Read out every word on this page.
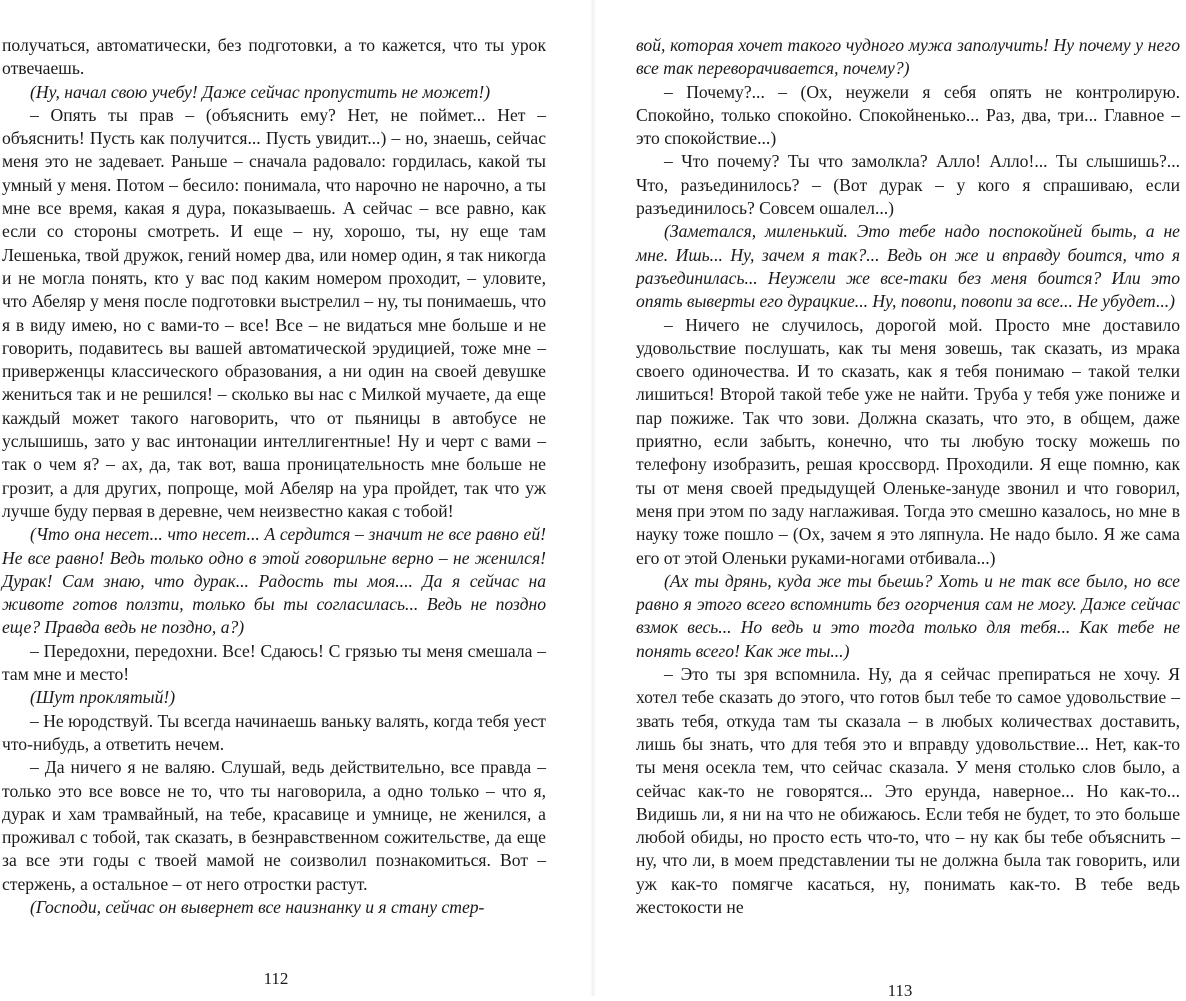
получаться, автоматически, без подготовки, а то кажется, что ты урок отвечаешь.

(Ну, начал свою учебу! Даже сейчас пропустить не может!)

– Опять ты прав – (объяснить ему? Нет, не поймет... Нет – объяснить! Пусть как получится... Пусть увидит...) – но, знаешь, сейчас меня это не задевает. Раньше – сначала радовало: гордилась, какой ты умный у меня. Потом – бесило: понимала, что нарочно не нарочно, а ты мне все время, какая я дура, показываешь. А сейчас – все равно, как если со стороны смотреть. И еще – ну, хорошо, ты, ну еще там Лешенька, твой дружок, гений номер два, или номер один, я так никогда и не могла понять, кто у вас под каким номером проходит, – уловите, что Абеляр у меня после подготовки выстрелил – ну, ты понимаешь, что я в виду имею, но с вами-то – все! Все – не видаться мне больше и не говорить, подавитесь вы вашей автоматической эрудицией, тоже мне – приверженцы классического образования, а ни один на своей девушке жениться так и не решился! – сколько вы нас с Милкой мучаете, да еще каждый может такого наговорить, что от пьяницы в автобусе не услышишь, зато у вас интонации интеллигентные! Ну и черт с вами – так о чем я? – ах, да, так вот, ваша проницательность мне больше не грозит, а для других, попроще, мой Абеляр на ура пройдет, так что уж лучше буду первая в деревне, чем неизвестно какая с тобой!

(Что она несет... что несет... А сердится – значит не все равно ей! Не все равно! Ведь только одно в этой говорильне верно – не женился! Дурак! Сам знаю, что дурак... Радость ты моя.... Да я сейчас на животе готов ползти, только бы ты согласилась... Ведь не поздно еще? Правда ведь не поздно, а?)

– Передохни, передохни. Все! Сдаюсь! С грязью ты меня смешала – там мне и место!

(Шут проклятый!)

– Не юродствуй. Ты всегда начинаешь ваньку валять, когда тебя уест что-нибудь, а ответить нечем.

– Да ничего я не валяю. Слушай, ведь действительно, все правда – только это все вовсе не то, что ты наговорила, а одно только – что я, дурак и хам трамвайный, на тебе, красавице и умнице, не женился, а проживал с тобой, так сказать, в безнравственном сожительстве, да еще за все эти годы с твоей мамой не соизволил познакомиться. Вот – стержень, а остальное – от него отростки растут.

(Господи, сейчас он вывернет все наизнанку и я стану стер-

112

вой, которая хочет такого чудного мужа заполучить! Ну почему у него все так переворачивается, почему?)

– Почему?... – (Ох, неужели я себя опять не контролирую. Спокойно, только спокойно. Спокойненько... Раз, два, три... Главное – это спокойствие...)

– Что почему? Ты что замолкла? Алло! Алло!... Ты слышишь?... Что, разъединилось? – (Вот дурак – у кого я спрашиваю, если разъединилось? Совсем ошалел...)

(Заметался, миленький. Это тебе надо поспокойней быть, а не мне. Ишь... Ну, зачем я так?... Ведь он же и вправду боится, что я разъединилась... Неужели же все-таки без меня боится? Или это опять выверты его дурацкие... Ну, повопи, повопи за все... Не убудет...)

– Ничего не случилось, дорогой мой. Просто мне доставило удовольствие послушать, как ты меня зовешь, так сказать, из мрака своего одиночества. И то сказать, как я тебя понимаю – такой телки лишиться! Второй такой тебе уже не найти. Труба у тебя уже пониже и пар пожиже. Так что зови. Должна сказать, что это, в общем, даже приятно, если забыть, конечно, что ты любую тоску можешь по телефону изобразить, решая кроссворд. Проходили. Я еще помню, как ты от меня своей предыдущей Оленьке-зануде звонил и что говорил, меня при этом по заду наглаживая. Тогда это смешно казалось, но мне в науку тоже пошло – (Ох, зачем я это ляпнула. Не надо было. Я же сама его от этой Оленьки руками-ногами отбивала...)

(Ах ты дрянь, куда же ты бьешь? Хоть и не так все было, но все равно я этого всего вспомнить без огорчения сам не могу. Даже сейчас взмок весь... Но ведь и это тогда только для тебя... Как тебе не понять всего! Как же ты...)

– Это ты зря вспомнила. Ну, да я сейчас препираться не хочу. Я хотел тебе сказать до этого, что готов был тебе то самое удовольствие – звать тебя, откуда там ты сказала – в любых количествах доставить, лишь бы знать, что для тебя это и вправду удовольствие... Нет, как-то ты меня осекла тем, что сейчас сказала. У меня столько слов было, а сейчас как-то не говорятся... Это ерунда, наверное... Но как-то... Видишь ли, я ни на что не обижаюсь. Если тебя не будет, то это больше любой обиды, но просто есть что-то, что – ну как бы тебе объяснить – ну, что ли, в моем представлении ты не должна была так говорить, или уж как-то помягче касаться, ну, понимать как-то. В тебе ведь жестокости не

113
